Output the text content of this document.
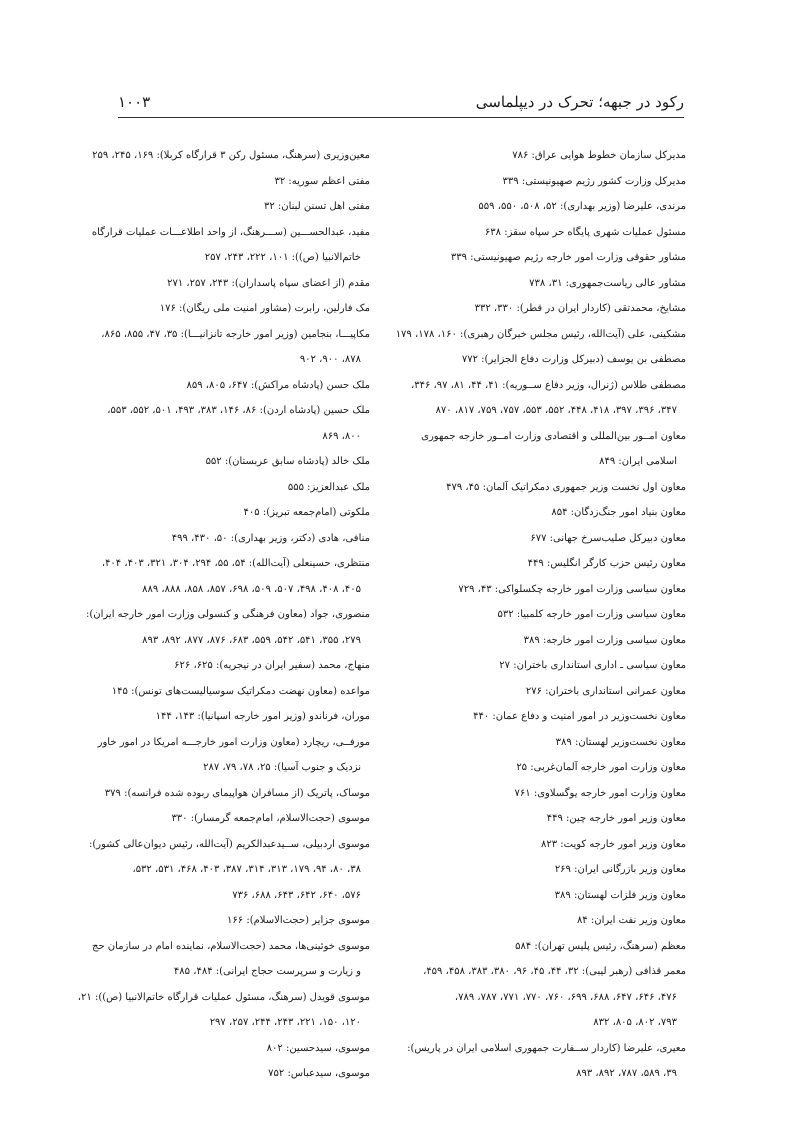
رکود در جبهه؛ تحرک در دیپلماسی
۱۰۰۳

مدیرکل سازمان خطوط هوایی عراق: ۷۸۶

مدیرکل وزارت کشور رژیم صهیونیستی: ۳۳۹

مرندی، علیرضا (وزیر بهداری): ۵۲، ۵۰۸، ۵۵۰، ۵۵۹

مسئول عملیات شهری پایگاه حر سپاه سقز: ۶۳۸

مشاور حقوقی وزارت امور خارجه رژیم صهیونیستی: ۳۳۹

مشاور عالی ریاست‌جمهوری: ۳۱، ۷۳۸

مشایخ، محمدتقی (کاردار ایران در قطر): ۳۳۰، ۳۳۲

مشکینی، علی (آیت‌الله، رئیس مجلس خبرگان رهبری): ۱۶۰، ۱۷۸، ۱۷۹

مصطفی بن یوسف (دبیرکل وزارت دفاع الجزایر): ۷۷۲

مصطفی طلاس (ژنرال، وزیر دفاع ســوریه): ۴۱، ۴۴، ۸۱، ۹۷، ۳۴۶،

۳۴۷، ۳۹۶، ۳۹۷، ۴۱۸، ۴۴۸، ۵۵۲، ۵۵۳، ۷۵۷، ۷۵۹، ۸۱۷، ۸۷۰

معاون امــور بین‌المللی و اقتصادی وزارت امــور خارجه جمهوری

اسلامی ایران: ۸۴۹

معاون اول نخست وزیر جمهوری دمکراتیک آلمان: ۴۵، ۴۷۹

معاون بنیاد امور جنگ‌زدگان: ۸۵۴

معاون دبیرکل صلیب‌سرخ جهانی: ۶۷۷

معاون رئیس حزب کارگر انگلیس: ۴۴۹

معاون سیاسی وزارت امور خارجه چکسلواکی: ۴۳، ۷۲۹

معاون سیاسی وزارت امور خارجه کلمبیا: ۵۳۲

معاون سیاسی وزارت امور خارجه: ۳۸۹

معاون سیاسی ـ اداری استانداری باختران: ۲۷

معاون عمرانی استانداری باختران: ۲۷۶

معاون نخست‌وزیر در امور امنیت و دفاع عمان: ۴۴۰

معاون نخست‌وزیر لهستان: ۳۸۹

معاون وزارت امور خارجه آلمان‌غربی: ۲۵

معاون وزارت امور خارجه یوگسلاوی: ۷۶۱

معاون وزیر امور خارجه چین: ۴۴۹

معاون وزیر امور خارجه کویت: ۸۲۳

معاون وزیر بازرگانی ایران: ۲۶۹

معاون وزیر فلزات لهستان: ۳۸۹

معاون وزیر نفت ایران: ۸۴

معظم (سرهنگ، رئیس پلیس تهران): ۵۸۴

معمر قذافی (رهبر لیبی): ۳۲، ۴۴، ۴۵، ۹۶، ۳۸۰، ۳۸۳، ۴۵۸، ۴۵۹،

۴۷۶، ۶۴۶، ۶۴۷، ۶۸۸، ۶۹۹، ۷۶۰، ۷۷۰، ۷۷۱، ۷۸۷، ۷۸۹،

۷۹۳، ۸۰۲، ۸۰۵، ۸۳۲

معیری، علیرضا (کاردار ســفارت جمهوری اسلامی ایران در پاریس):

۳۹، ۵۸۹، ۷۸۷، ۸۹۲، ۸۹۳

معین‌وزیری (سرهنگ، مسئول رکن ۳ قرارگاه کربلا): ۱۶۹، ۲۴۵، ۲۵۹

مفتی اعظم سوریه: ۳۲

مفتی اهل تسنن لبنان: ۳۲

مفید، عبدالحســـین (ســـرهنگ، از واحد اطلاعـــات عملیات قرارگاه

خاتم‌الانبیا (ص)): ۱۰۱، ۲۲۲، ۲۴۳، ۲۵۷

مقدم (از اعضای سپاه پاسداران): ۲۴۳، ۲۵۷، ۲۷۱

مک فارلین، رابرت (مشاور امنیت ملی ریگان): ۱۷۶

مکاپیـــا، بنجامین (وزیر امور خارجه تانزانیـــا): ۳۵، ۴۷، ۸۵۵، ۸۶۵،

۸۷۸، ۹۰۰، ۹۰۲

ملک حسن (پادشاه مراکش): ۶۴۷، ۸۰۵، ۸۵۹

ملک حسین (پادشاه اردن): ۸۶، ۱۴۶، ۳۸۳، ۴۹۳، ۵۰۱، ۵۵۲، ۵۵۳،

۸۰۰، ۸۶۹

ملک خالد (پادشاه سابق عربستان): ۵۵۲

ملک عبدالعزیز: ۵۵۵

ملکوتی (امام‌جمعه تبریز): ۴۰۵

منافی، هادی (دکتر، وزیر بهداری): ۵۰، ۴۳۰، ۴۹۹

منتظری، حسینعلی (آیت‌الله): ۵۴، ۵۵، ۲۹۴، ۳۰۴، ۳۲۱، ۴۰۳، ۴۰۴،

۴۰۵، ۴۰۸، ۴۹۸، ۵۰۷، ۵۰۹، ۶۹۸، ۸۵۷، ۸۵۸، ۸۸۸، ۸۸۹

منصوری، جواد (معاون فرهنگی و کنسولی وزارت امور خارجه ایران):

۲۷۹، ۳۵۵، ۵۴۱، ۵۴۲، ۵۵۹، ۶۸۳، ۸۷۶، ۸۷۷، ۸۹۲، ۸۹۳

منهاج، محمد (سفیر ایران در نیجریه): ۶۲۵، ۶۲۶

مواعده (معاون نهضت دمکراتیک سوسیالیست‌های تونس): ۱۴۵

موران، فرناندو (وزیر امور خارجه اسپانیا): ۱۴۳، ۱۴۴

مورفــی، ریچارد (معاون وزارت امور خارجـــه امریکا در امور خاور

نزدیک و جنوب آسیا): ۲۵، ۷۸، ۷۹، ۲۸۷

موساک، پاتریک (از مسافران هواپیمای ربوده شده فرانسه): ۳۷۹

موسوی (حجت‌الاسلام، امام‌جمعه گرمسار): ۳۳۰

موسوی اردبیلی، ســیدعبدالکریم (آیت‌الله، رئیس دیوان‌عالی کشور):

۳۸، ۸۰، ۹۴، ۱۷۹، ۳۱۳، ۳۱۴، ۳۸۷، ۴۰۳، ۴۶۸، ۵۳۱، ۵۳۲،

۵۷۶، ۶۴۰، ۶۴۲، ۶۴۳، ۶۸۸، ۷۳۶

موسوی جزایر (حجت‌الاسلام): ۱۶۶

موسوی خوئینی‌ها، محمد (حجت‌الاسلام، نماینده امام در سازمان حج

و زیارت و سرپرست حجاج ایرانی): ۴۸۴، ۴۸۵

موسوی قویدل (سرهنگ، مسئول عملیات قرارگاه خاتم‌الانبیا (ص)): ۲۱،

۱۲۰، ۱۵۰، ۲۲۱، ۲۴۳، ۲۴۴، ۲۵۷، ۲۹۷

موسوی، سیدحسین: ۸۰۲

موسوی، سیدعباس: ۷۵۲
